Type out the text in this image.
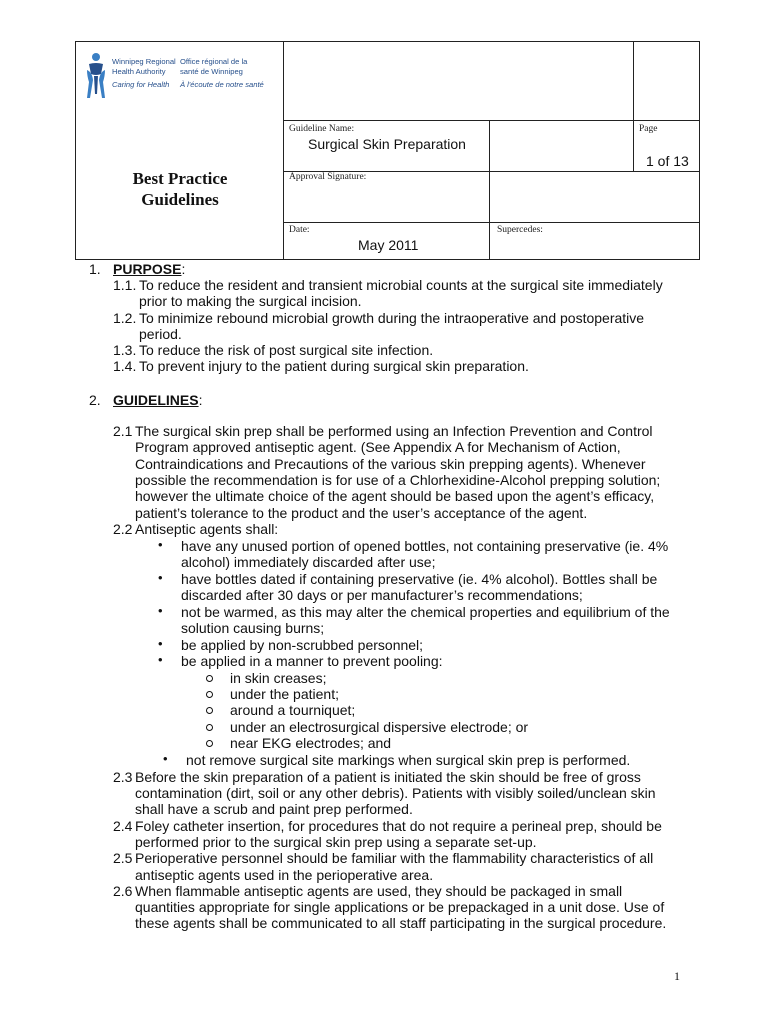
Winnipeg Regional
Health Authority
Office régional de la
santé de Winnipeg
Caring for Health À l'écoute de notre santé
Best Practice
Guidelines
Guideline Name:
Surgical Skin Preparation
Page
1 of 13
Approval Signature:
Date:
May 2011
Supercedes:
1. PURPOSE:
1.1. To reduce the resident and transient microbial counts at the surgical site immediately
prior to making the surgical incision.
1.2. To minimize rebound microbial growth during the intraoperative and postoperative
period.
1.3. To reduce the risk of post surgical site infection.
1.4. To prevent injury to the patient during surgical skin preparation.
2. GUIDELINES:
2.1 The surgical skin prep shall be performed using an Infection Prevention and Control
Program approved antiseptic agent. (See Appendix A for Mechanism of Action,
Contraindications and Precautions of the various skin prepping agents). Whenever
possible the recommendation is for use of a Chlorhexidine-Alcohol prepping solution;
however the ultimate choice of the agent should be based upon the agent’s efficacy,
patient’s tolerance to the product and the user’s acceptance of the agent.
2.2 Antiseptic agents shall:
• have any unused portion of opened bottles, not containing preservative (ie. 4%
alcohol) immediately discarded after use;
• have bottles dated if containing preservative (ie. 4% alcohol). Bottles shall be
discarded after 30 days or per manufacturer’s recommendations;
• not be warmed, as this may alter the chemical properties and equilibrium of the
solution causing burns;
• be applied by non-scrubbed personnel;
• be applied in a manner to prevent pooling:
in skin creases;
under the patient;
around a tourniquet;
under an electrosurgical dispersive electrode; or
near EKG electrodes; and
• not remove surgical site markings when surgical skin prep is performed.
2.3 Before the skin preparation of a patient is initiated the skin should be free of gross
contamination (dirt, soil or any other debris). Patients with visibly soiled/unclean skin
shall have a scrub and paint prep performed.
2.4 Foley catheter insertion, for procedures that do not require a perineal prep, should be
performed prior to the surgical skin prep using a separate set-up.
2.5 Perioperative personnel should be familiar with the flammability characteristics of all
antiseptic agents used in the perioperative area.
2.6 When flammable antiseptic agents are used, they should be packaged in small
quantities appropriate for single applications or be prepackaged in a unit dose. Use of
these agents shall be communicated to all staff participating in the surgical procedure.
1
